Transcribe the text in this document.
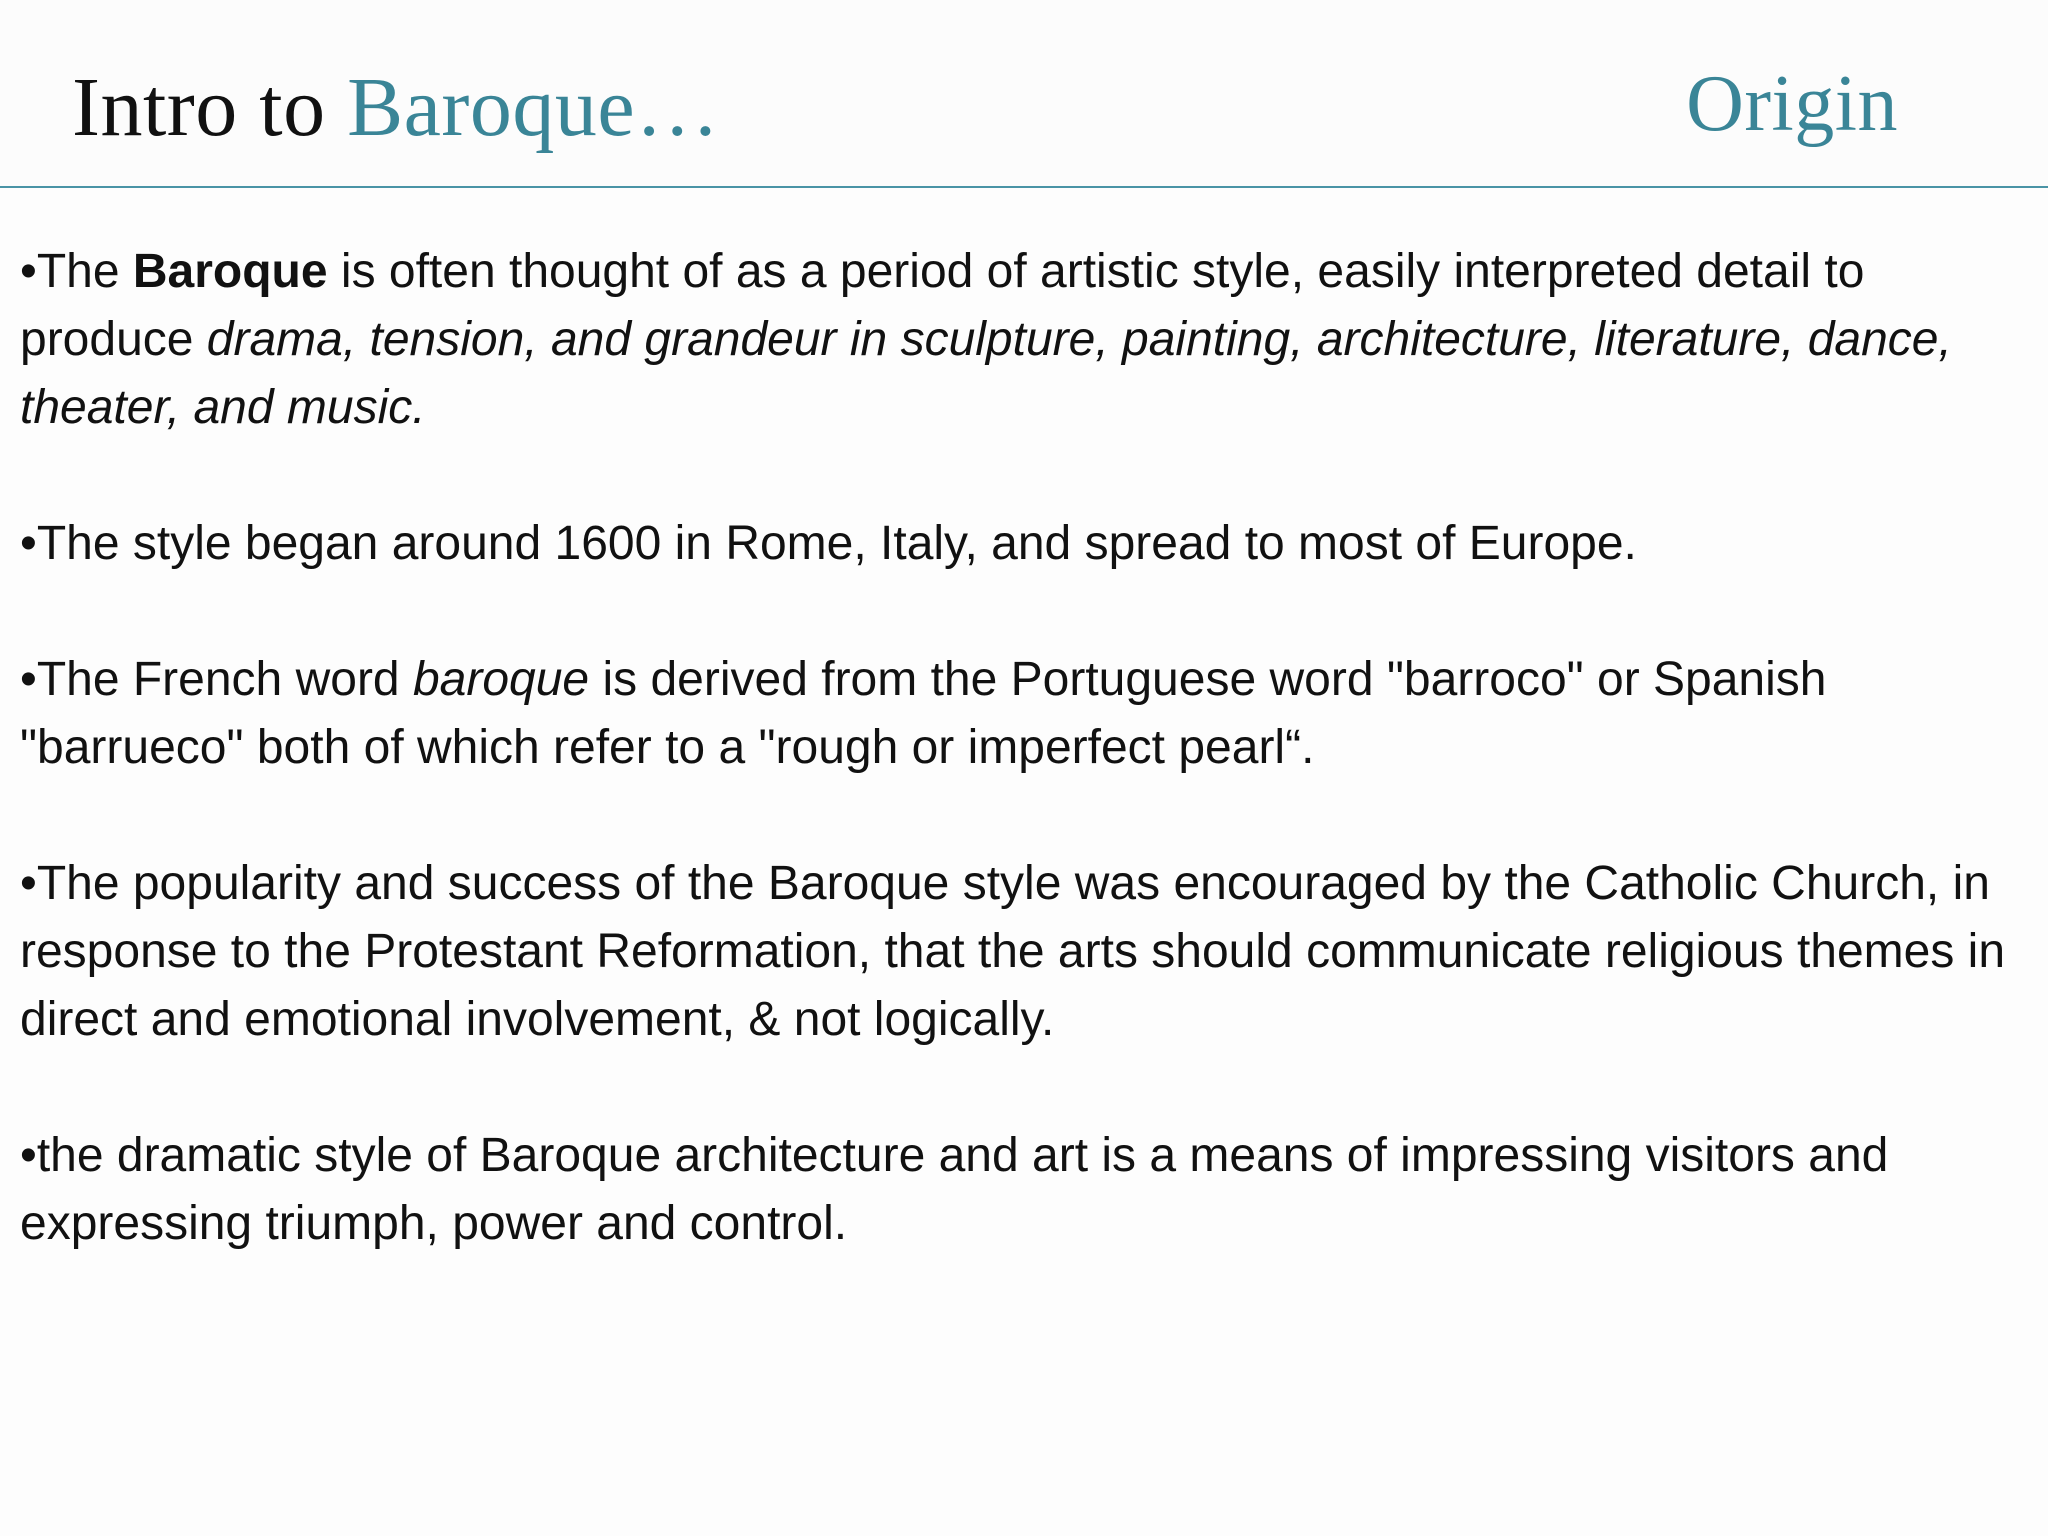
Intro to Baroque…	Origin

•The Baroque is often thought of as a period of artistic style, easily interpreted detail to produce drama, tension, and grandeur in sculpture, painting, architecture, literature, dance, theater, and music.

•The style began around 1600 in Rome, Italy, and spread to most of Europe.

•The French word baroque is derived from the Portuguese word "barroco" or Spanish "barrueco" both of which refer to a "rough or imperfect pearl“.

•The popularity and success of the Baroque style was encouraged by the Catholic Church, in response to the Protestant Reformation, that the arts should communicate religious themes in direct and emotional involvement, & not logically.

•the dramatic style of Baroque architecture and art is a means of impressing visitors and expressing triumph, power and control.
